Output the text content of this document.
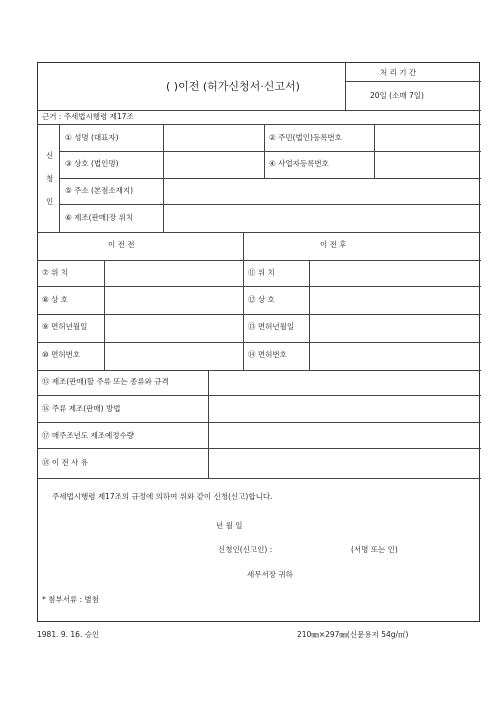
( )이전 (허가신청서·신고서)
처 리 기 간
20일 (소매 7일)
근거 : 주세법시행령 제17조
신
청
인
① 성명 (대표자)	② 주민(법인)등록번호
③ 상호 (법인명)	④ 사업자등록번호
⑤ 주소 (본점소재지)
⑥ 제조(판매)장 위치
이 전 전	이 전 후
⑦ 위 치	⑪ 위 치
⑧ 상 호	⑫ 상 호
⑨ 면허년월일	⑬ 면허년월일
⑩ 면허번호	⑭ 면허번호
⑮ 제조(판매)할 주류 또는 종류와 규격
⑯ 주류 제조(판매) 방법
⑰ 매주조년도 제조예정수량
⑱ 이 전 사 유
주세법시행령 제17조의 규정에 의하여 위와 같이 신청(신고)합니다.
년 월 일
신청인(신고인) :	(서명 또는 인)
세무서장 귀하
* 첨부서류 : 별첨
1981. 9. 16. 승인	210㎜×297㎜(신문용지 54g/㎡)
